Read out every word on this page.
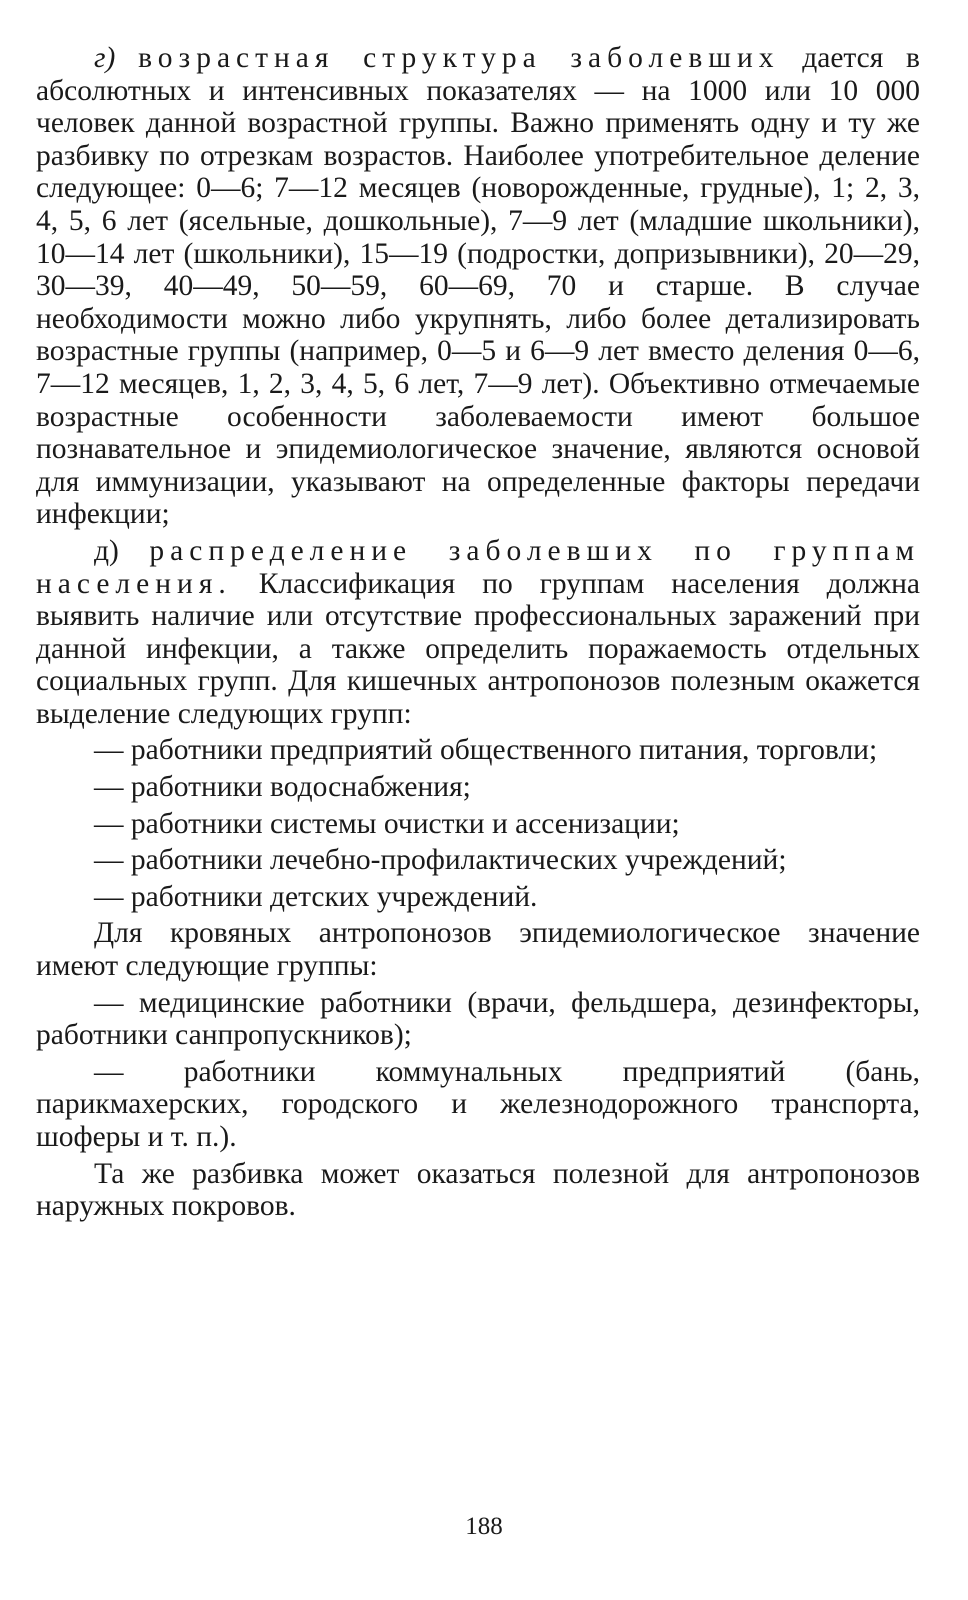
г) возрастная структура заболевших дается в абсолютных и интенсивных показателях — на 1000 или 10 000 человек данной возрастной группы. Важно применять одну и ту же разбивку по отрезкам возрастов. Наиболее употребительное деление следующее: 0—6; 7—12 месяцев (новорожденные, грудные), 1; 2, 3, 4, 5, 6 лет (ясельные, дошкольные), 7—9 лет (младшие школьники), 10—14 лет (школьники), 15—19 (подростки, допризывники), 20—29, 30—39, 40—49, 50—59, 60—69, 70 и старше. В случае необходимости можно либо укрупнять, либо более детализировать возрастные группы (например, 0—5 и 6—9 лет вместо деления 0—6, 7—12 месяцев, 1, 2, 3, 4, 5, 6 лет, 7—9 лет). Объективно отмечаемые возрастные особенности заболеваемости имеют большое познавательное и эпидемиологическое значение, являются основой для иммунизации, указывают на определенные факторы передачи инфекции;

д) распределение заболевших по группам населения. Классификация по группам населения должна выявить наличие или отсутствие профессиональных заражений при данной инфекции, а также определить поражаемость отдельных социальных групп. Для кишечных антропонозов полезным окажется выделение следующих групп:

— работники предприятий общественного питания, торговли;

— работники водоснабжения;

— работники системы очистки и ассенизации;

— работники лечебно-профилактических учреждений;

— работники детских учреждений.

Для кровяных антропонозов эпидемиологическое значение имеют следующие группы:

— медицинские работники (врачи, фельдшера, дезинфекторы, работники санпропускников);

— работники коммунальных предприятий (бань, парикмахерских, городского и железнодорожного транспорта, шоферы и т. п.).

Та же разбивка может оказаться полезной для антропонозов наружных покровов.

188
